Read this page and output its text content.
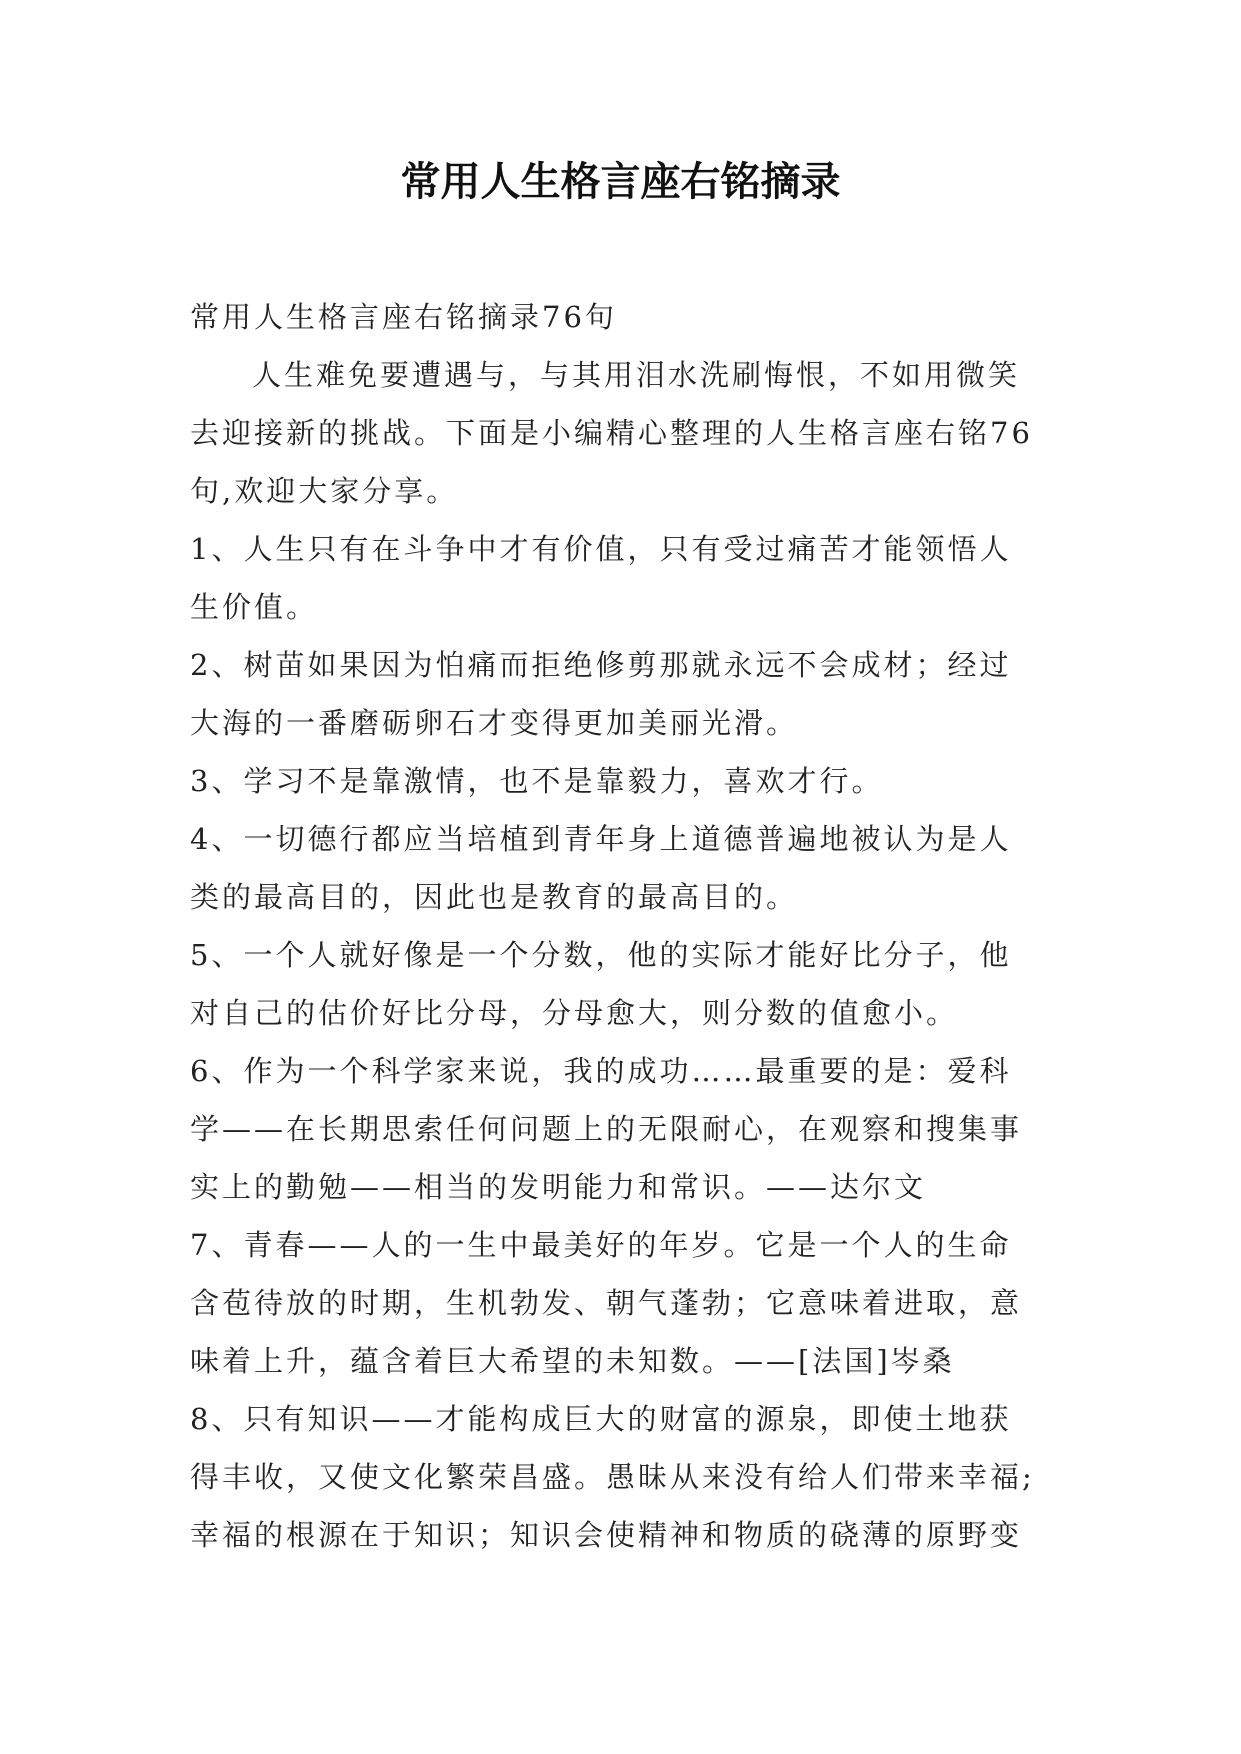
常用人生格言座右铭摘录

常用人生格言座右铭摘录76句

人生难免要遭遇与，与其用泪水洗刷悔恨，不如用微笑

去迎接新的挑战。下面是小编精心整理的人生格言座右铭76

句,欢迎大家分享。

1、人生只有在斗争中才有价值，只有受过痛苦才能领悟人

生价值。

2、树苗如果因为怕痛而拒绝修剪那就永远不会成材；经过

大海的一番磨砺卵石才变得更加美丽光滑。

3、学习不是靠激情，也不是靠毅力，喜欢才行。

4、一切德行都应当培植到青年身上道德普遍地被认为是人

类的最高目的，因此也是教育的最高目的。

5、一个人就好像是一个分数，他的实际才能好比分子，他

对自己的估价好比分母，分母愈大，则分数的值愈小。

6、作为一个科学家来说，我的成功……最重要的是：爱科

学——在长期思索任何问题上的无限耐心，在观察和搜集事

实上的勤勉——相当的发明能力和常识。——达尔文

7、青春——人的一生中最美好的年岁。它是一个人的生命

含苞待放的时期，生机勃发、朝气蓬勃；它意味着进取，意

味着上升，蕴含着巨大希望的未知数。——[法国]岑桑

8、只有知识——才能构成巨大的财富的源泉，即使土地获

得丰收，又使文化繁荣昌盛。愚昧从来没有给人们带来幸福;

幸福的根源在于知识；知识会使精神和物质的硗薄的原野变
